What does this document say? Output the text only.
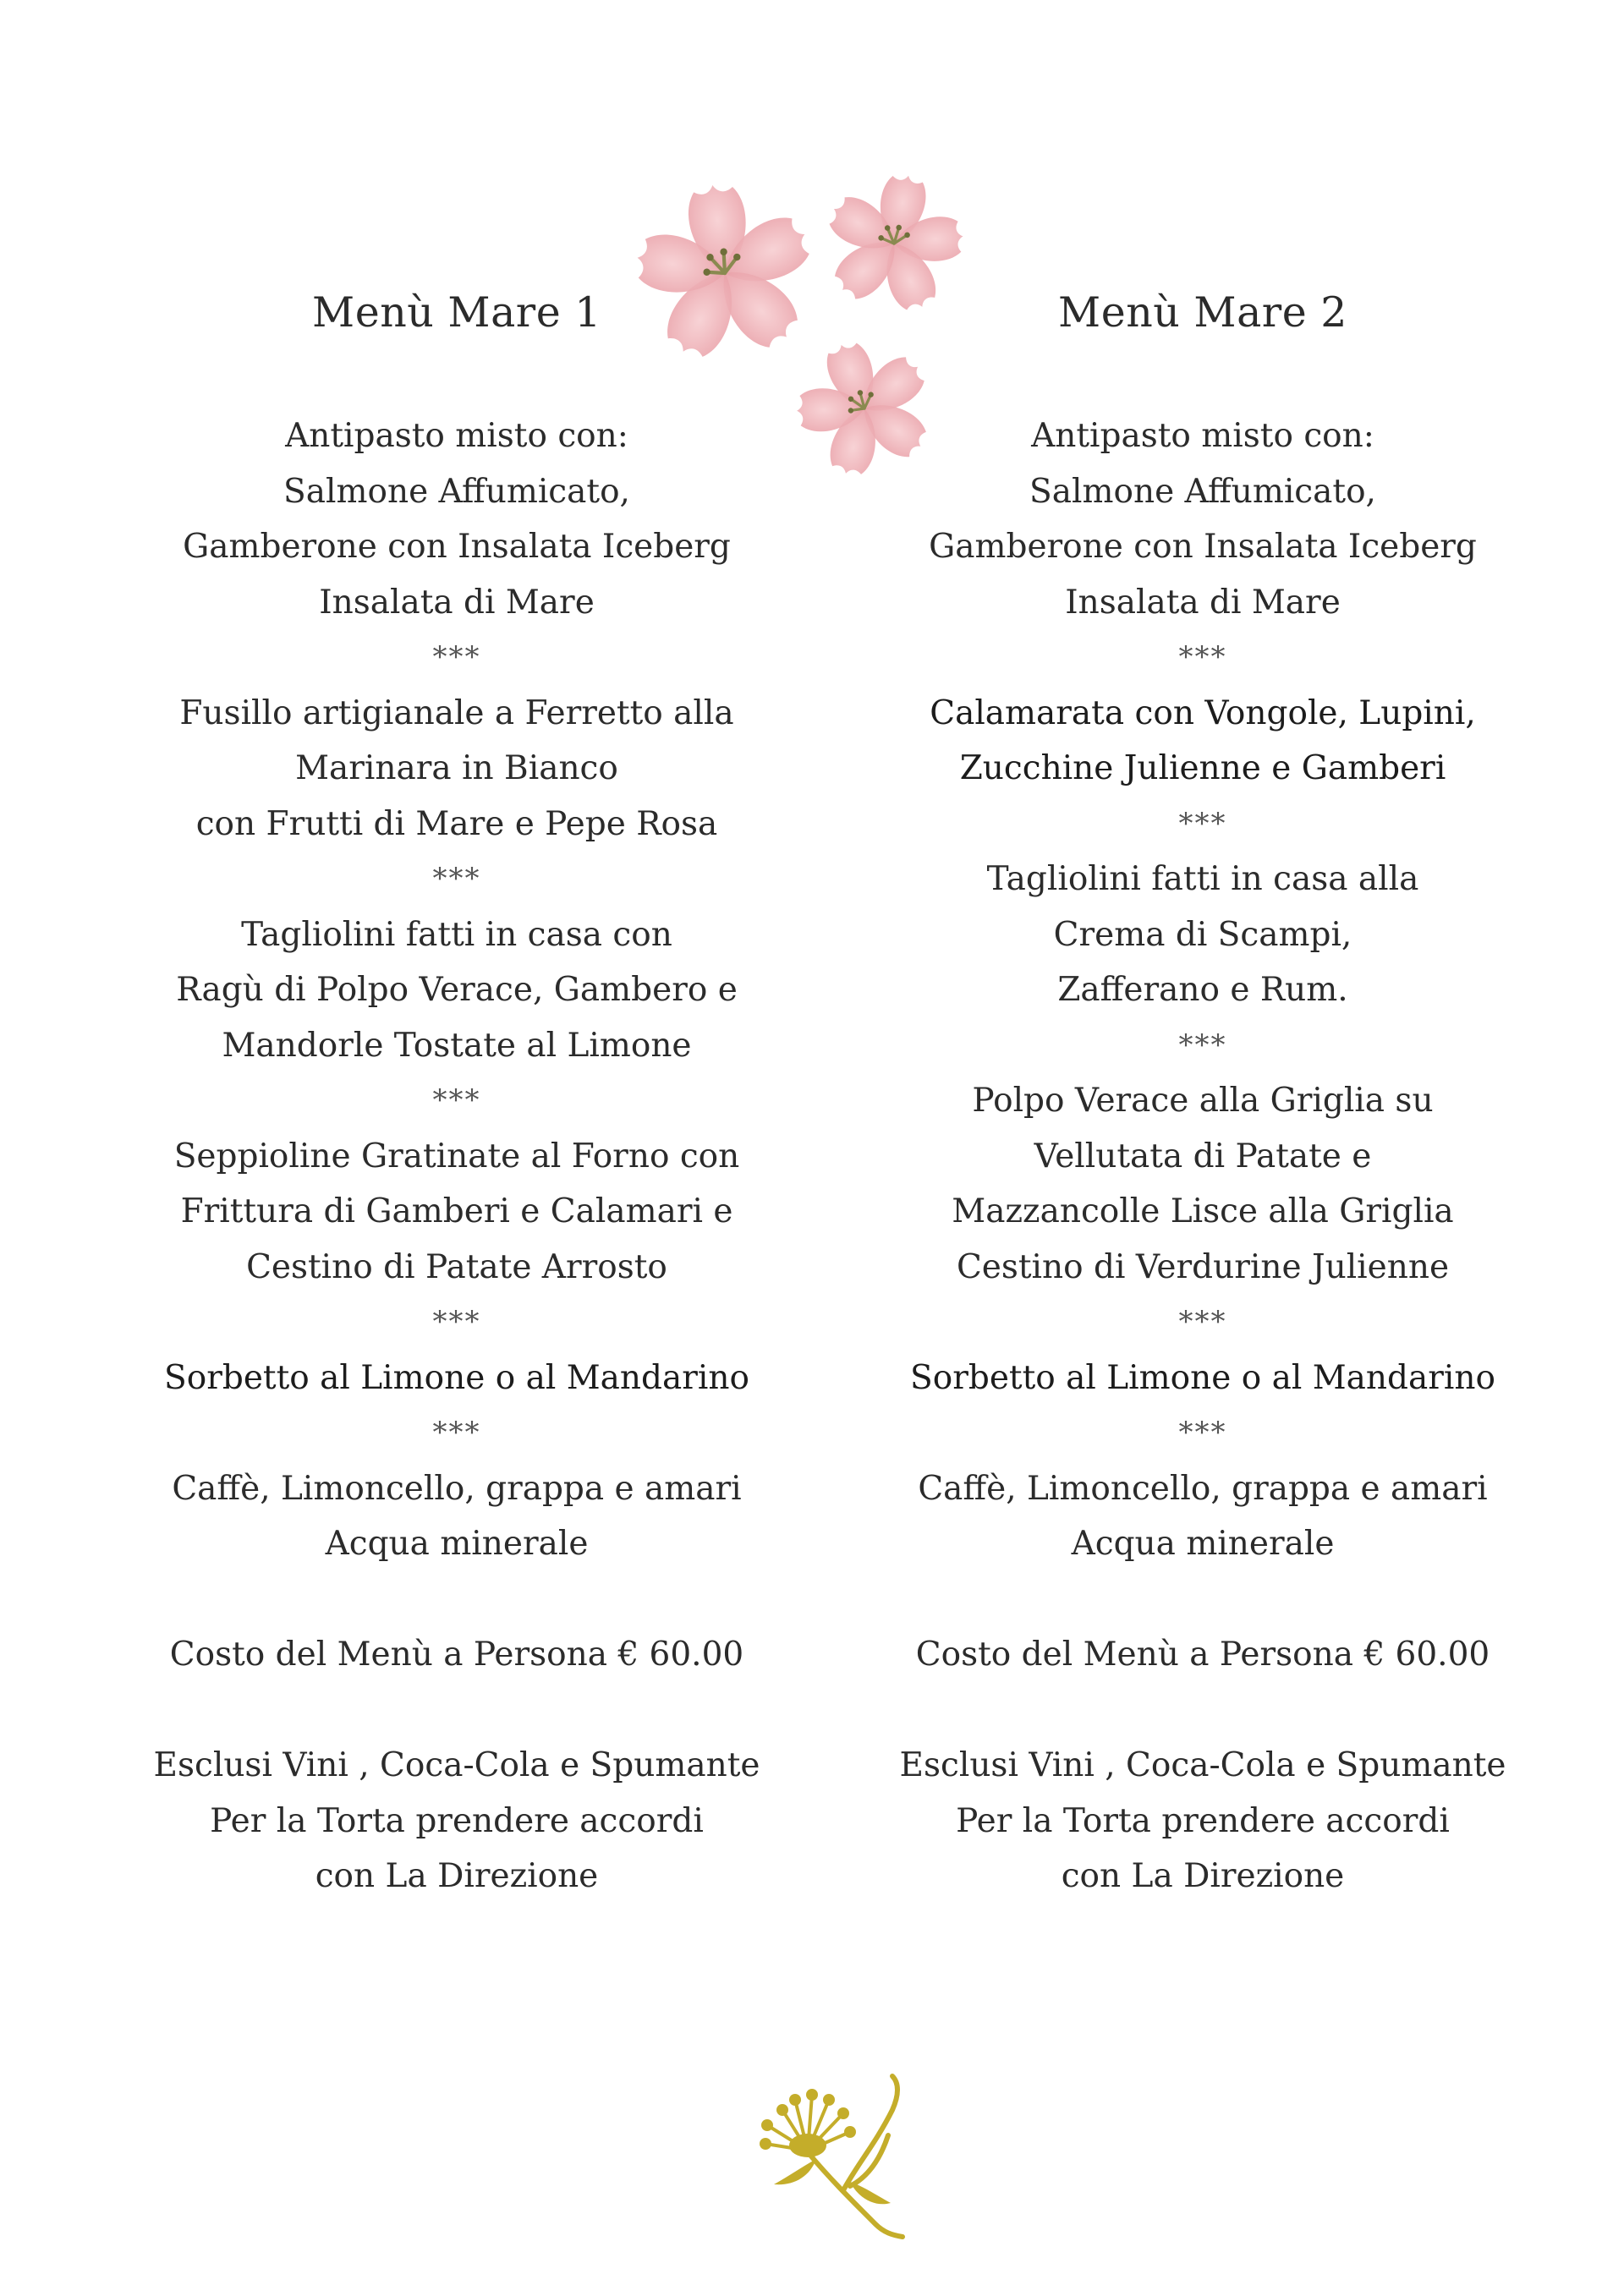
Menù Mare 1
Antipasto misto con:
Salmone Affumicato,
Gamberone con Insalata Iceberg
Insalata di Mare
***
Fusillo artigianale a Ferretto alla
Marinara in Bianco
con Frutti di Mare e Pepe Rosa
***
Tagliolini fatti in casa con
Ragù di Polpo Verace, Gambero e
Mandorle Tostate al Limone
***
Seppioline Gratinate al Forno con
Frittura di Gamberi e Calamari e
Cestino di Patate Arrosto
***
Sorbetto al Limone o al Mandarino
***
Caffè, Limoncello, grappa e amari
Acqua minerale
Costo del Menù a Persona € 60.00
Esclusi Vini , Coca-Cola e Spumante
Per la Torta prendere accordi
con La Direzione
Menù Mare 2
Antipasto misto con:
Salmone Affumicato,
Gamberone con Insalata Iceberg
Insalata di Mare
***
Calamarata con Vongole, Lupini,
Zucchine Julienne e Gamberi
***
Tagliolini fatti in casa alla
Crema di Scampi,
Zafferano e Rum.
***
Polpo Verace alla Griglia su
Vellutata di Patate e
Mazzancolle Lisce alla Griglia
Cestino di Verdurine Julienne
***
Sorbetto al Limone o al Mandarino
***
Caffè, Limoncello, grappa e amari
Acqua minerale
Costo del Menù a Persona € 60.00
Esclusi Vini , Coca-Cola e Spumante
Per la Torta prendere accordi
con La Direzione
